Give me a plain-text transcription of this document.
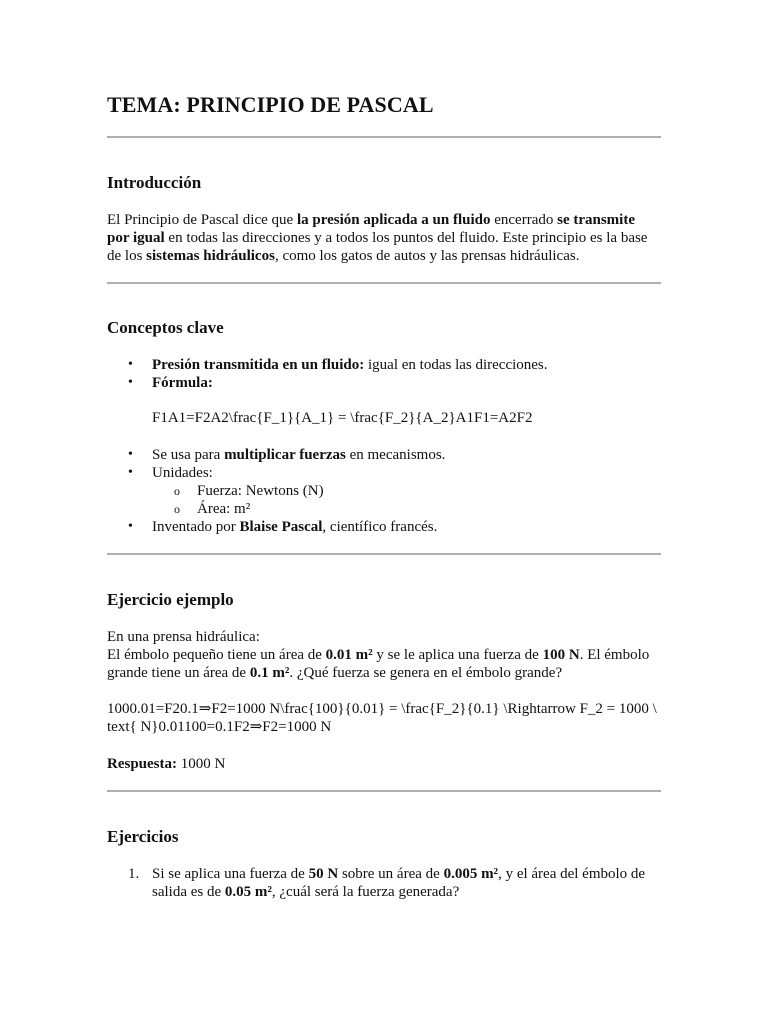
TEMA: PRINCIPIO DE PASCAL
Introducción
El Principio de Pascal dice que la presión aplicada a un fluido encerrado se transmite
por igual en todas las direcciones y a todos los puntos del fluido. Este principio es la base
de los sistemas hidráulicos, como los gatos de autos y las prensas hidráulicas.
Conceptos clave
• Presión transmitida en un fluido: igual en todas las direcciones.
• Fórmula:
F1A1=F2A2\frac{F_1}{A_1} = \frac{F_2}{A_2}A1F1=A2F2
• Se usa para multiplicar fuerzas en mecanismos.
• Unidades:
o Fuerza: Newtons (N)
o Área: m²
• Inventado por Blaise Pascal, científico francés.
Ejercicio ejemplo
En una prensa hidráulica:
El émbolo pequeño tiene un área de 0.01 m² y se le aplica una fuerza de 100 N. El émbolo
grande tiene un área de 0.1 m². ¿Qué fuerza se genera en el émbolo grande?
1000.01=F20.1⇒F2=1000 N\frac{100}{0.01} = \frac{F_2}{0.1} \Rightarrow F_2 = 1000 \
text{ N}0.01100=0.1F2⇒F2=1000 N
Respuesta: 1000 N
Ejercicios
1. Si se aplica una fuerza de 50 N sobre un área de 0.005 m², y el área del émbolo de
salida es de 0.05 m², ¿cuál será la fuerza generada?
